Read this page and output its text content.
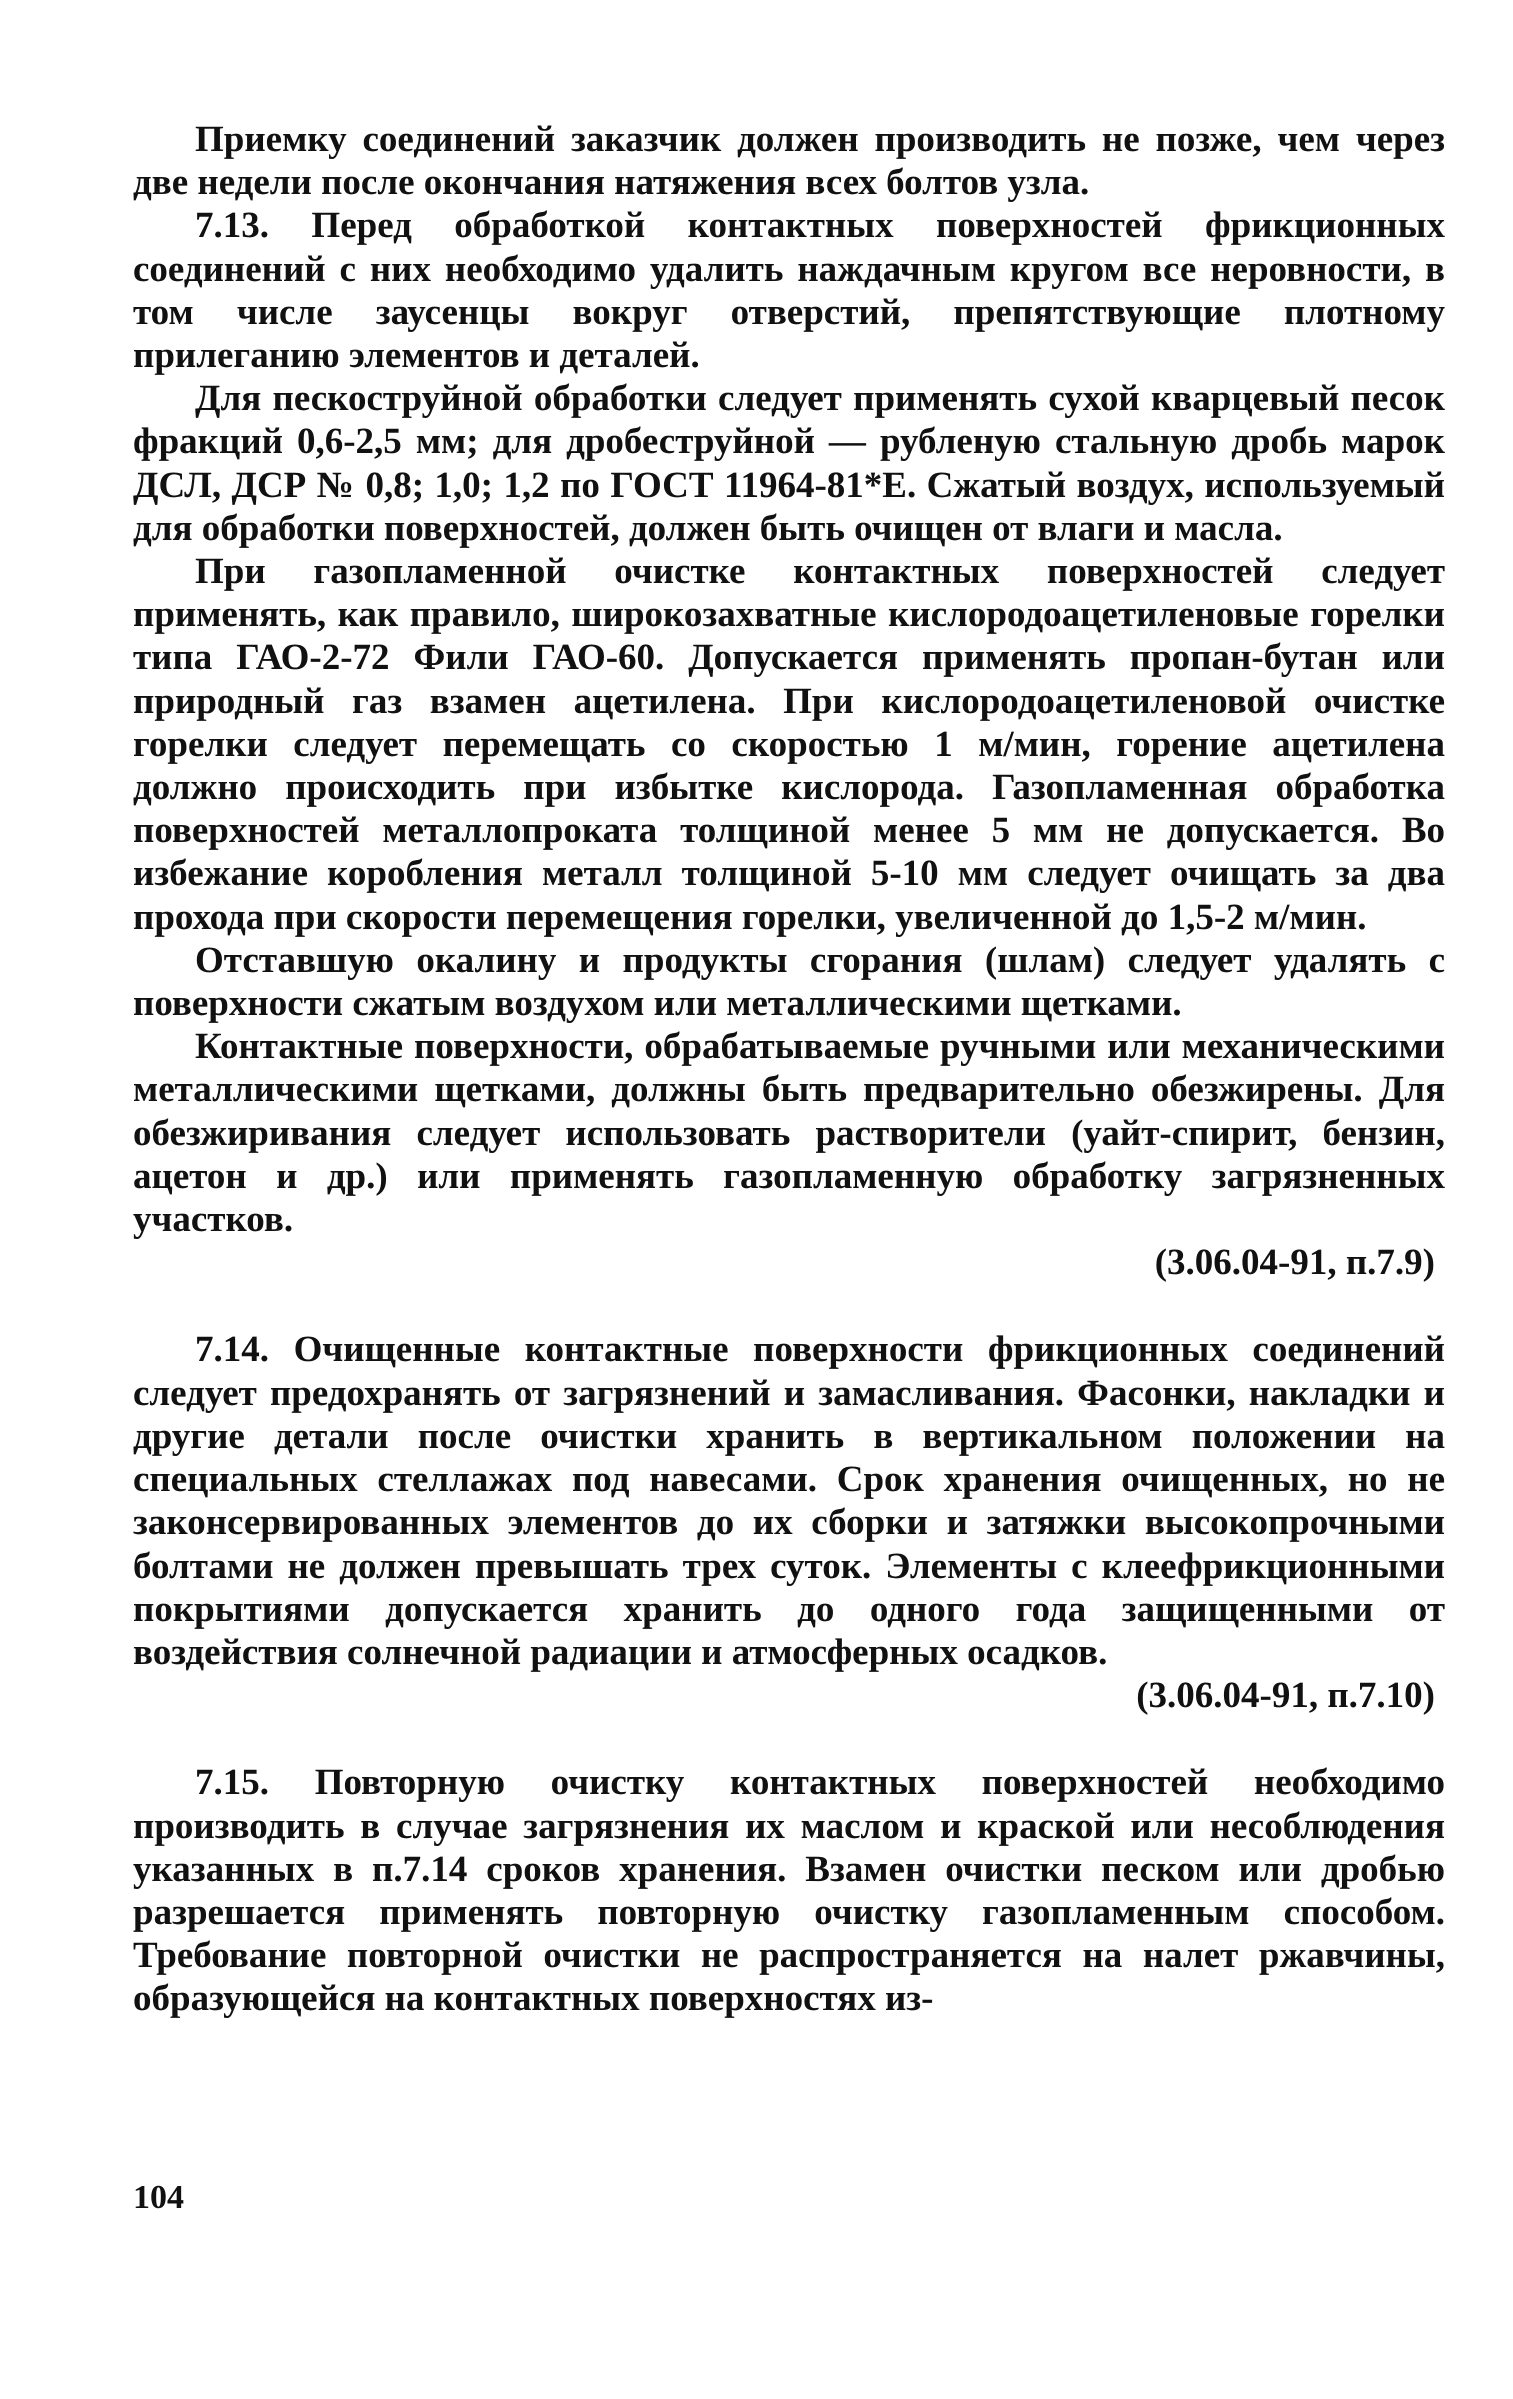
Приемку соединений заказчик должен производить не позже, чем через две недели после окончания натяжения всех болтов узла.

7.13. Перед обработкой контактных поверхностей фрикционных соединений с них необходимо удалить наждачным кругом все неровности, в том числе заусенцы вокруг отверстий, препятствующие плотному прилеганию элементов и деталей.

Для пескоструйной обработки следует применять сухой кварцевый песок фракций 0,6-2,5 мм; для дробеструйной — рубленую стальную дробь марок ДСЛ, ДСР № 0,8; 1,0; 1,2 по ГОСТ 11964-81*Е. Сжатый воздух, используемый для обработки поверхностей, должен быть очищен от влаги и масла.

При газопламенной очистке контактных поверхностей следует применять, как правило, широкозахватные кислородоацетиленовые горелки типа ГАО-2-72 Фили ГАО-60. Допускается применять пропан-бутан или природный газ взамен ацетилена. При кислородоацетиленовой очистке горелки следует перемещать со скоростью 1 м/мин, горение ацетилена должно происходить при избытке кислорода. Газопламенная обработка поверхностей металлопроката толщиной менее 5 мм не допускается. Во избежание коробления металл толщиной 5-10 мм следует очищать за два прохода при скорости перемещения горелки, увеличенной до 1,5-2 м/мин.

Отставшую окалину и продукты сгорания (шлам) следует удалять с поверхности сжатым воздухом или металлическими щетками.

Контактные поверхности, обрабатываемые ручными или механическими металлическими щетками, должны быть предварительно обезжирены. Для обезжиривания следует использовать растворители (уайт-спирит, бензин, ацетон и др.) или применять газопламенную обработку загрязненных участков.

(3.06.04-91, п.7.9)

7.14. Очищенные контактные поверхности фрикционных соединений следует предохранять от загрязнений и замасливания. Фасонки, накладки и другие детали после очистки хранить в вертикальном положении на специальных стеллажах под навесами. Срок хранения очищенных, но не законсервированных элементов до их сборки и затяжки высокопрочными болтами не должен превышать трех суток. Элементы с клеефрикционными покрытиями допускается хранить до одного года защищенными от воздействия солнечной радиации и атмосферных осадков.

(3.06.04-91, п.7.10)

7.15. Повторную очистку контактных поверхностей необходимо производить в случае загрязнения их маслом и краской или несоблюдения указанных в п.7.14 сроков хранения. Взамен очистки песком или дробью разрешается применять повторную очистку газопламенным способом. Требование повторной очистки не распространяется на налет ржавчины, образующейся на контактных поверхностях из-

104
